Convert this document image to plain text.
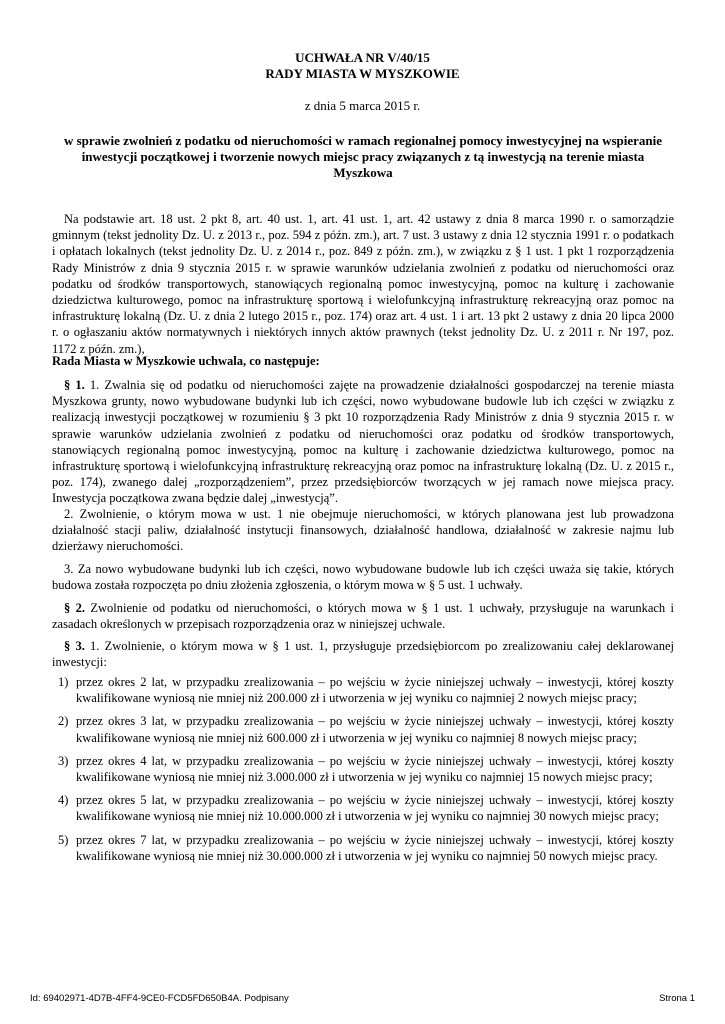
UCHWAŁA NR V/40/15
RADY MIASTA W MYSZKOWIE
z dnia 5 marca 2015 r.
w sprawie zwolnień z podatku od nieruchomości w ramach regionalnej pomocy inwestycyjnej na wspieranie inwestycji początkowej i tworzenie nowych miejsc pracy związanych z tą inwestycją na terenie miasta Myszkowa

Na podstawie art. 18 ust. 2 pkt 8, art. 40 ust. 1, art. 41 ust. 1, art. 42 ustawy z dnia 8 marca 1990 r. o samorządzie gminnym (tekst jednolity Dz. U. z 2013 r., poz. 594 z późn. zm.), art. 7 ust. 3 ustawy z dnia 12 stycznia 1991 r. o podatkach i opłatach lokalnych (tekst jednolity Dz. U. z 2014 r., poz. 849 z późn. zm.), w związku z § 1 ust. 1 pkt 1 rozporządzenia Rady Ministrów z dnia 9 stycznia 2015 r. w sprawie warunków udzielania zwolnień z podatku od nieruchomości oraz podatku od środków transportowych, stanowiących regionalną pomoc inwestycyjną, pomoc na kulturę i zachowanie dziedzictwa kulturowego, pomoc na infrastrukturę sportową i wielofunkcyjną infrastrukturę rekreacyjną oraz pomoc na infrastrukturę lokalną (Dz. U. z dnia 2 lutego 2015 r., poz. 174) oraz art. 4 ust. 1 i art. 13 pkt 2 ustawy z dnia 20 lipca 2000 r. o ogłaszaniu aktów normatywnych i niektórych innych aktów prawnych (tekst jednolity Dz. U. z 2011 r. Nr 197, poz. 1172 z późn. zm.),

Rada Miasta w Myszkowie uchwala, co następuje:

§ 1. 1. Zwalnia się od podatku od nieruchomości zajęte na prowadzenie działalności gospodarczej na terenie miasta Myszkowa grunty, nowo wybudowane budynki lub ich części, nowo wybudowane budowle lub ich części w związku z realizacją inwestycji początkowej w rozumieniu § 3 pkt 10 rozporządzenia Rady Ministrów z dnia 9 stycznia 2015 r. w sprawie warunków udzielania zwolnień z podatku od nieruchomości oraz podatku od środków transportowych, stanowiących regionalną pomoc inwestycyjną, pomoc na kulturę i zachowanie dziedzictwa kulturowego, pomoc na infrastrukturę sportową i wielofunkcyjną infrastrukturę rekreacyjną oraz pomoc na infrastrukturę lokalną (Dz. U. z 2015 r., poz. 174), zwanego dalej „rozporządzeniem”, przez przedsiębiorców tworzących w jej ramach nowe miejsca pracy. Inwestycja początkowa zwana będzie dalej „inwestycją”.

2. Zwolnienie, o którym mowa w ust. 1 nie obejmuje nieruchomości, w których planowana jest lub prowadzona działalność stacji paliw, działalność instytucji finansowych, działalność handlowa, działalność w zakresie najmu lub dzierżawy nieruchomości.

3. Za nowo wybudowane budynki lub ich części, nowo wybudowane budowle lub ich części uważa się takie, których budowa została rozpoczęta po dniu złożenia zgłoszenia, o którym mowa w § 5 ust. 1 uchwały.

§ 2. Zwolnienie od podatku od nieruchomości, o których mowa w § 1 ust. 1 uchwały, przysługuje na warunkach i zasadach określonych w przepisach rozporządzenia oraz w niniejszej uchwale.

§ 3. 1. Zwolnienie, o którym mowa w § 1 ust. 1, przysługuje przedsiębiorcom po zrealizowaniu całej deklarowanej inwestycji:

1) przez okres 2 lat, w przypadku zrealizowania – po wejściu w życie niniejszej uchwały – inwestycji, której koszty kwalifikowane wyniosą nie mniej niż 200.000 zł i utworzenia w jej wyniku co najmniej 2 nowych miejsc pracy;
2) przez okres 3 lat, w przypadku zrealizowania – po wejściu w życie niniejszej uchwały – inwestycji, której koszty kwalifikowane wyniosą nie mniej niż 600.000 zł i utworzenia w jej wyniku co najmniej 8 nowych miejsc pracy;
3) przez okres 4 lat, w przypadku zrealizowania – po wejściu w życie niniejszej uchwały – inwestycji, której koszty kwalifikowane wyniosą nie mniej niż 3.000.000 zł i utworzenia w jej wyniku co najmniej 15 nowych miejsc pracy;
4) przez okres 5 lat, w przypadku zrealizowania – po wejściu w życie niniejszej uchwały – inwestycji, której koszty kwalifikowane wyniosą nie mniej niż 10.000.000 zł i utworzenia w jej wyniku co najmniej 30 nowych miejsc pracy;
5) przez okres 7 lat, w przypadku zrealizowania – po wejściu w życie niniejszej uchwały – inwestycji, której koszty kwalifikowane wyniosą nie mniej niż 30.000.000 zł i utworzenia w jej wyniku co najmniej 50 nowych miejsc pracy.
Id: 69402971-4D7B-4FF4-9CE0-FCD5FD650B4A. Podpisany	Strona 1
